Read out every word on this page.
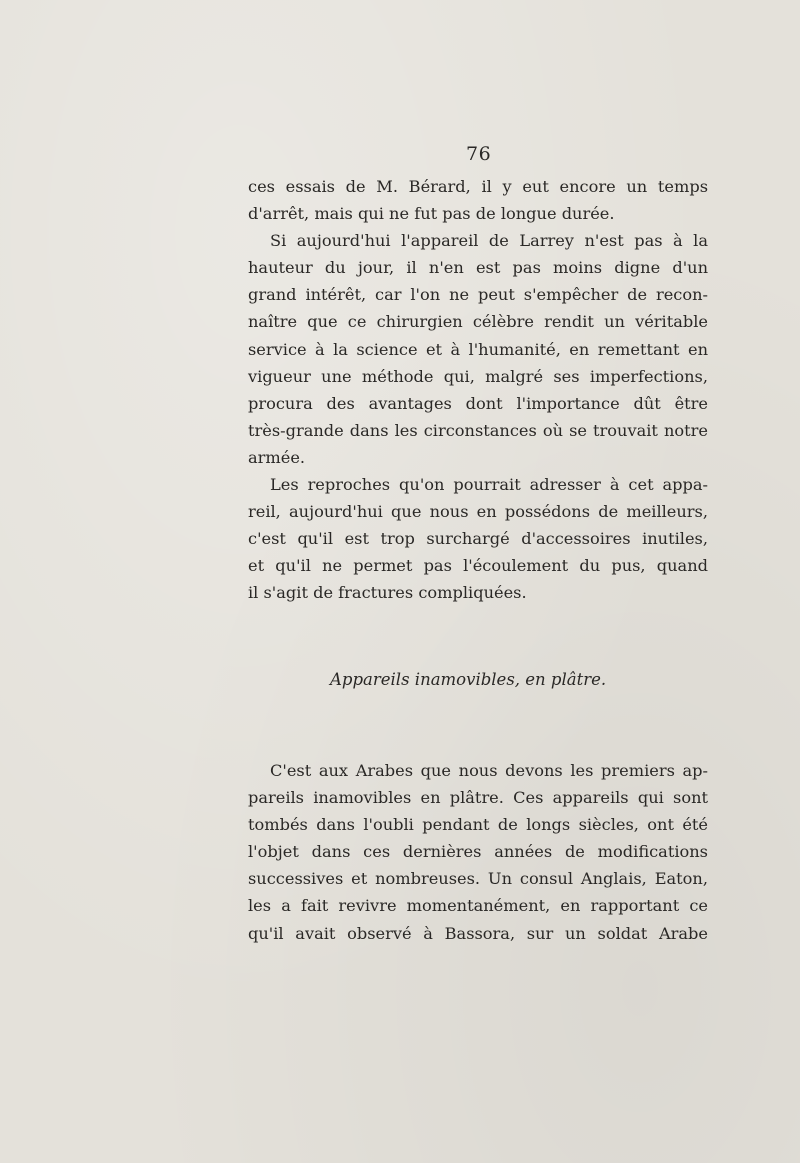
76
ces essais de M. Bérard, il y eut encore un temps
d'arrêt, mais qui ne fut pas de longue durée.
Si aujourd'hui l'appareil de Larrey n'est pas à la
hauteur du jour, il n'en est pas moins digne d'un
grand intérêt, car l'on ne peut s'empêcher de recon-
naître que ce chirurgien célèbre rendit un véritable
service à la science et à l'humanité, en remettant en
vigueur une méthode qui, malgré ses imperfections,
procura des avantages dont l'importance dût être
très-grande dans les circonstances où se trouvait notre
armée.
Les reproches qu'on pourrait adresser à cet appa-
reil, aujourd'hui que nous en possédons de meilleurs,
c'est qu'il est trop surchargé d'accessoires inutiles,
et qu'il ne permet pas l'écoulement du pus, quand
il s'agit de fractures compliquées.
Appareils inamovibles, en plâtre.
C'est aux Arabes que nous devons les premiers ap-
pareils inamovibles en plâtre. Ces appareils qui sont
tombés dans l'oubli pendant de longs siècles, ont été
l'objet dans ces dernières années de modifications
successives et nombreuses. Un consul Anglais, Eaton,
les a fait revivre momentanément, en rapportant ce
qu'il avait observé à Bassora, sur un soldat Arabe
